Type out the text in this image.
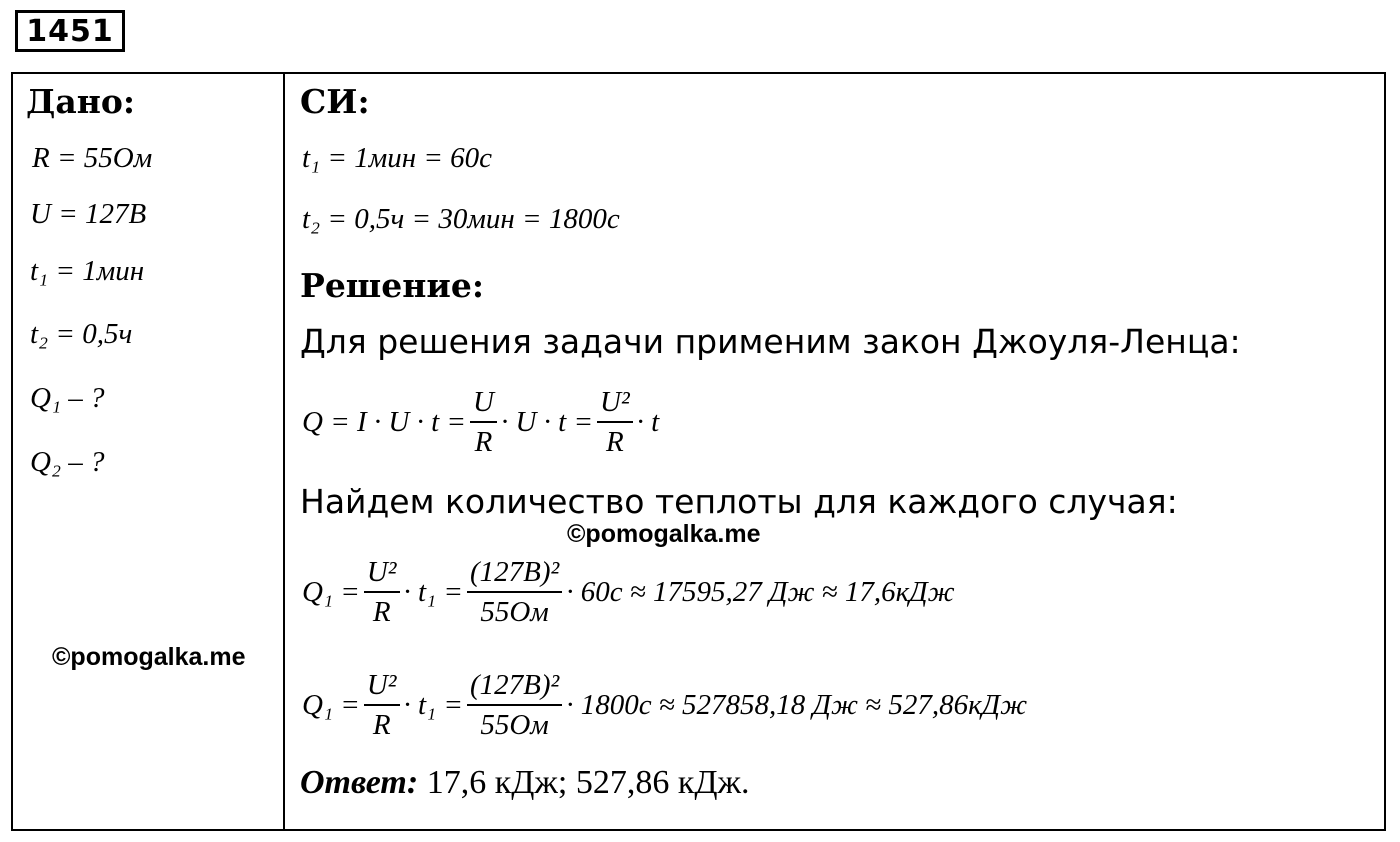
1451
Дано:
R = 55Ом
U = 127B
t₁ = 1мин
t₂ = 0,5ч
Q₁ – ?
Q₂ – ?
©pomogalka.me
СИ:
t₁ = 1мин = 60с
t₂ = 0,5ч = 30мин = 1800с
Решение:
Для решения задачи применим закон Джоуля-Ленца:
$Q = I \cdot U \cdot t = \frac{U}{R} \cdot U \cdot t = \frac{\text{U²}}{R} \cdot t$
Найдем количество теплоты для каждого случая:
©pomogalka.me
$Q_1 = \frac{\text{U²}}{R} \cdot t_1 = \frac{\text{(127B)²}}{55Ом} \cdot 60с \approx 17595,27$ Дж ≈ 17,6кДж
$Q_1 = \frac{\text{U²}}{R} \cdot t_1 = \frac{\text{(127B)²}}{55Ом} \cdot 1800с \approx 527858,18$ Дж ≈ 527,86кДж
Ответ: 17,6 кДж; 527,86 кДж.
